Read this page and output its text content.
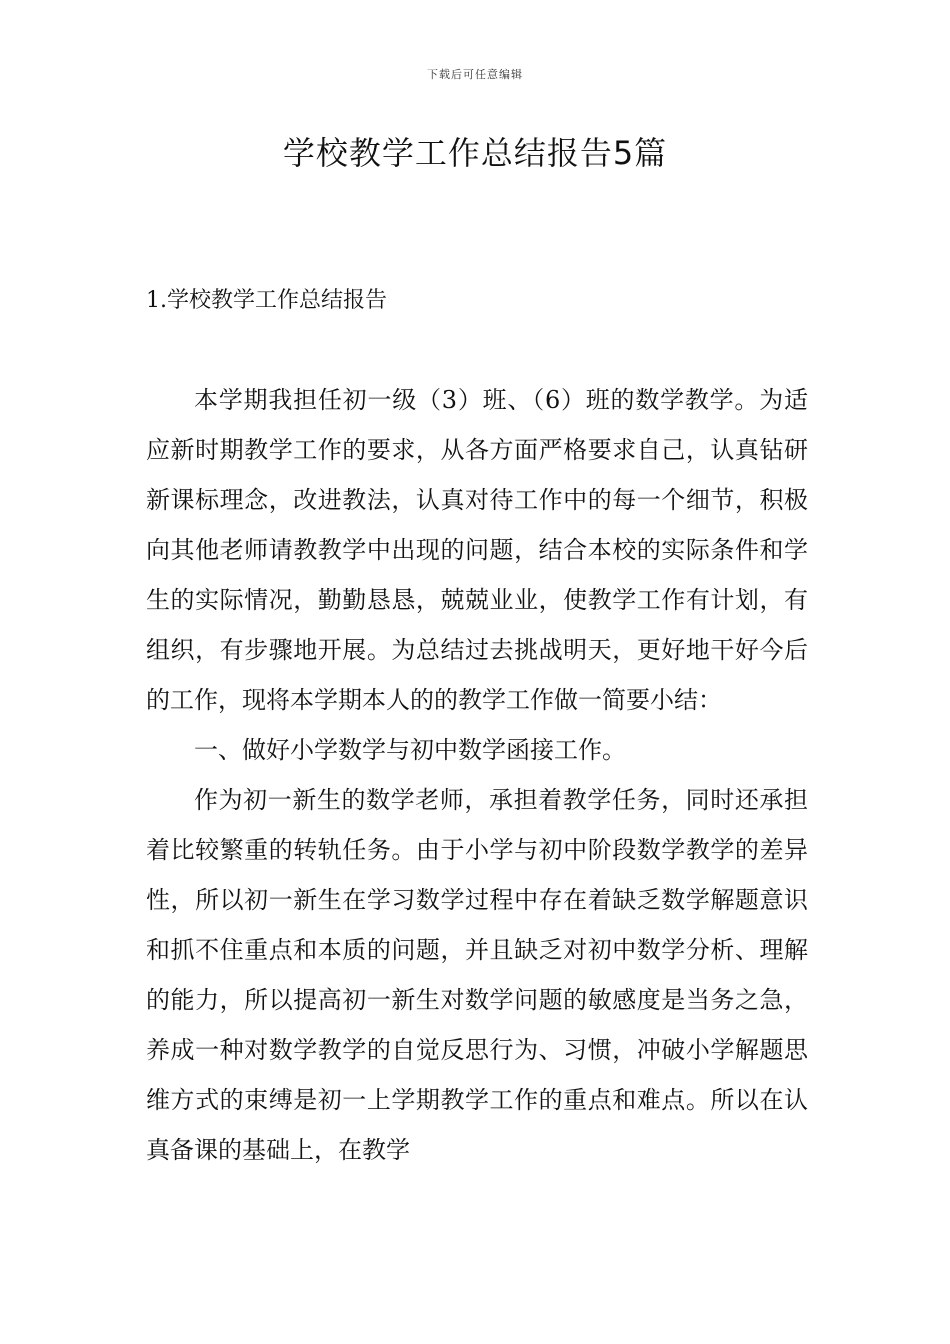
下载后可任意编辑
学校教学工作总结报告5篇
1.学校教学工作总结报告

本学期我担任初一级（3）班、（6）班的数学教学。为适应新时期教学工作的要求，从各方面严格要求自己，认真钻研新课标理念，改进教法，认真对待工作中的每一个细节，积极向其他老师请教教学中出现的问题，结合本校的实际条件和学生的实际情况，勤勤恳恳，兢兢业业，使教学工作有计划，有组织，有步骤地开展。为总结过去挑战明天，更好地干好今后的工作，现将本学期本人的的教学工作做一简要小结：

一、做好小学数学与初中数学函接工作。

作为初一新生的数学老师，承担着教学任务，同时还承担着比较繁重的转轨任务。由于小学与初中阶段数学教学的差异性，所以初一新生在学习数学过程中存在着缺乏数学解题意识和抓不住重点和本质的问题，并且缺乏对初中数学分析、理解的能力，所以提高初一新生对数学问题的敏感度是当务之急，养成一种对数学教学的自觉反思行为、习惯，冲破小学解题思维方式的束缚是初一上学期教学工作的重点和难点。所以在认真备课的基础上，在教学
